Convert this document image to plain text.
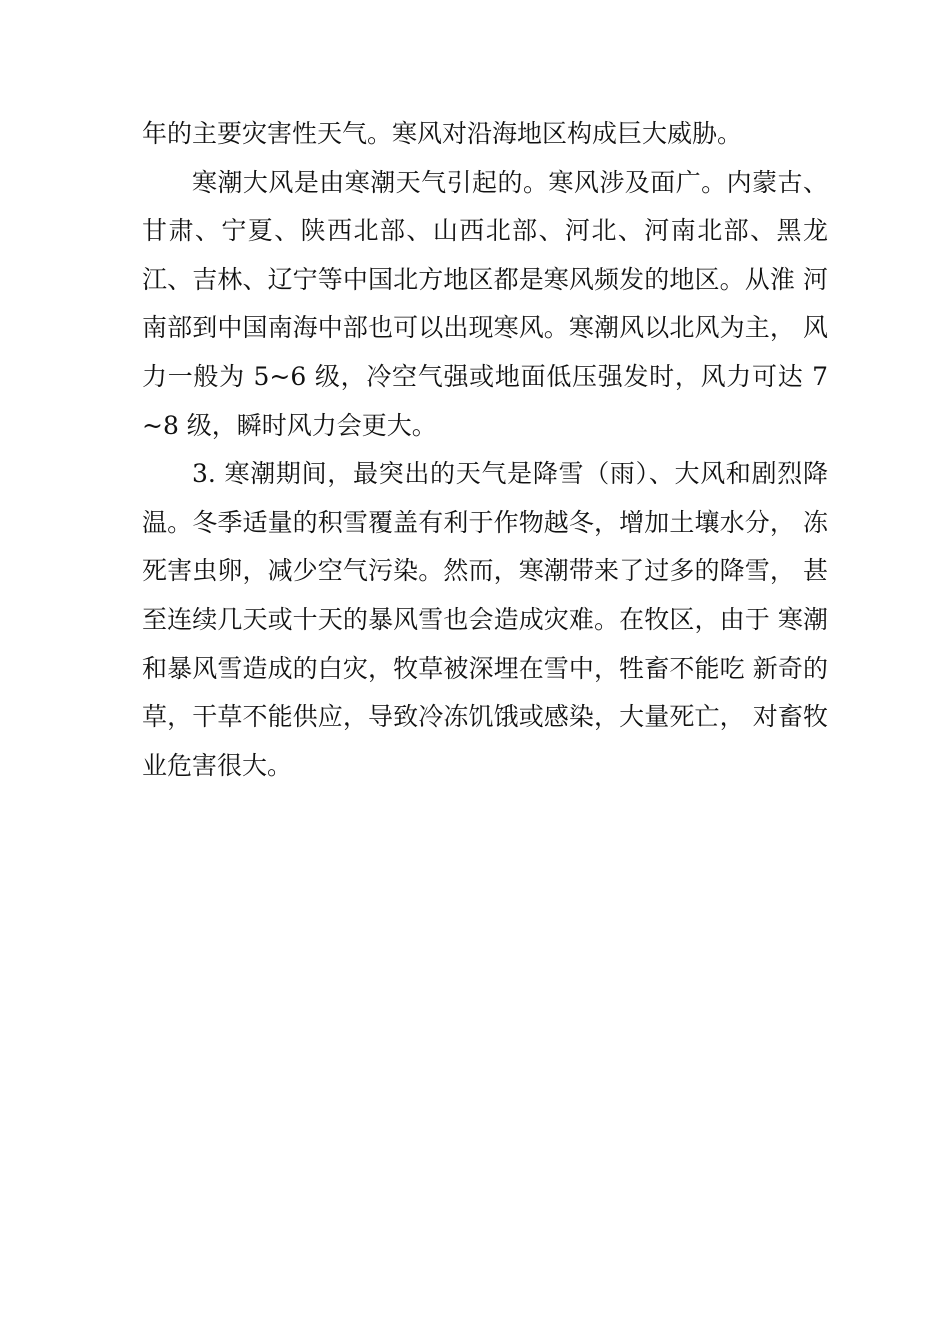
年的主要灾害性天气。寒风对沿海地区构成巨大威胁。

寒潮大风是由寒潮天气引起的。寒风涉及面广。内蒙古、甘肃、宁夏、陕西北部、山西北部、河北、河南北部、黑龙江、吉林、辽宁等中国北方地区都是寒风频发的地区。从淮 河南部到中国南海中部也可以出现寒风。寒潮风以北风为主， 风力一般为 5~6 级，冷空气强或地面低压强发时，风力可达 7~8 级，瞬时风力会更大。

3. 寒潮期间，最突出的天气是降雪（雨）、大风和剧烈降温。冬季适量的积雪覆盖有利于作物越冬，增加土壤水分， 冻死害虫卵，减少空气污染。然而，寒潮带来了过多的降雪， 甚至连续几天或十天的暴风雪也会造成灾难。在牧区，由于 寒潮和暴风雪造成的白灾，牧草被深埋在雪中，牲畜不能吃 新奇的草，干草不能供应，导致冷冻饥饿或感染，大量死亡， 对畜牧业危害很大。
